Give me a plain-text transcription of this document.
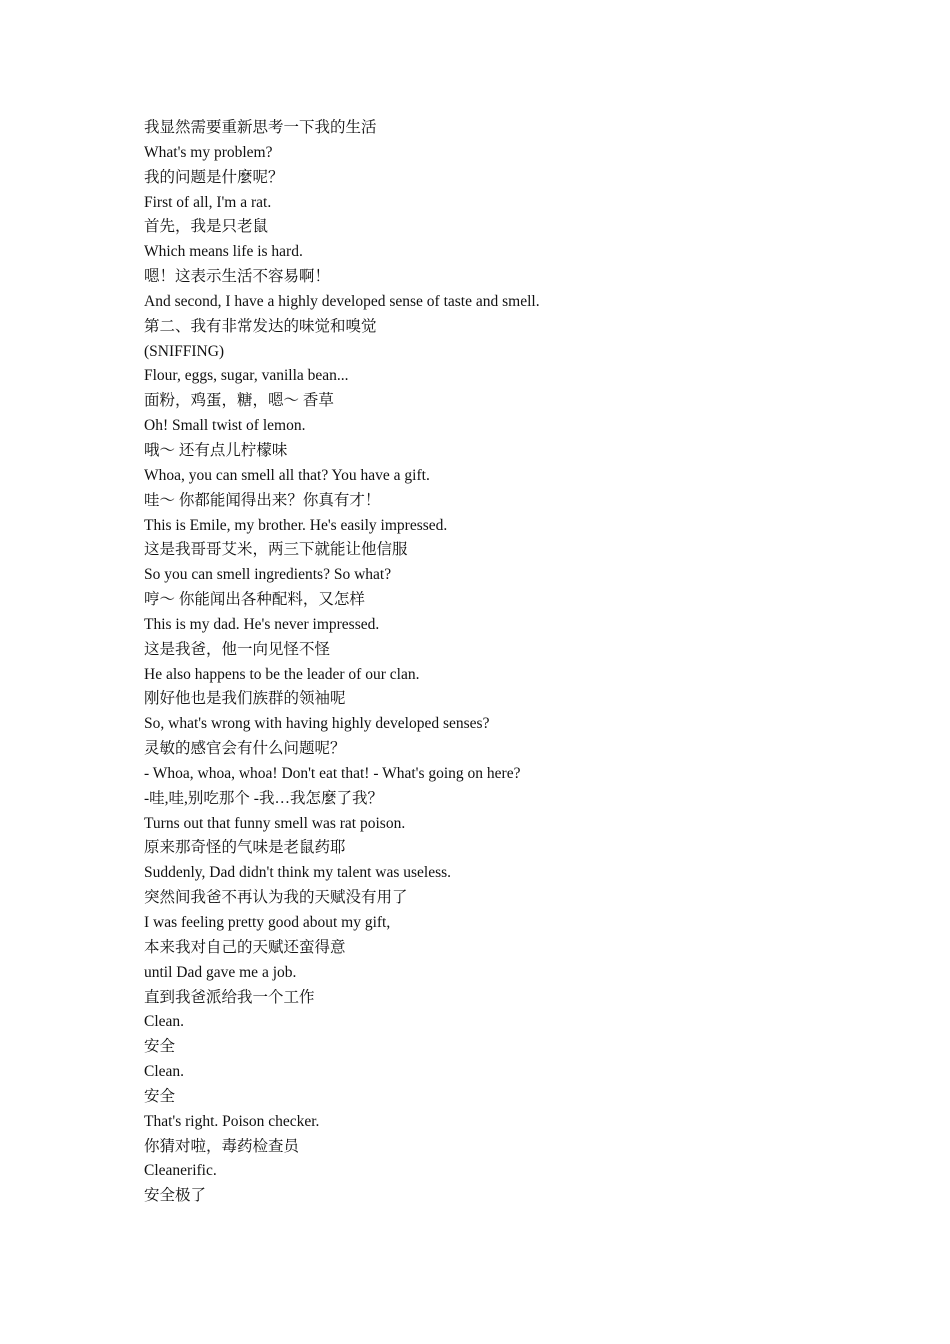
我显然需要重新思考一下我的生活
What's my problem?
我的问题是什麼呢？
First of all, I'm a rat.
首先，我是只老鼠
Which means life is hard.
嗯！这表示生活不容易啊！
And second, I have a highly developed sense of taste and smell.
第二、我有非常发达的味觉和嗅觉
(SNIFFING)
Flour, eggs, sugar, vanilla bean...
面粉，鸡蛋，糖，嗯～ 香草
Oh! Small twist of lemon.
哦～ 还有点儿柠檬味
Whoa, you can smell all that? You have a gift.
哇～ 你都能闻得出来？你真有才！
This is Emile, my brother. He's easily impressed.
这是我哥哥艾米，两三下就能让他信服
So you can smell ingredients? So what?
哼～ 你能闻出各种配料，又怎样
This is my dad. He's never impressed.
这是我爸，他一向见怪不怪
He also happens to be the leader of our clan.
刚好他也是我们族群的领袖呢
So, what's wrong with having highly developed senses?
灵敏的感官会有什么问题呢？
- Whoa, whoa, whoa! Don't eat that! - What's going on here?
-哇,哇,别吃那个 -我…我怎麼了我？
Turns out that funny smell was rat poison.
原来那奇怪的气味是老鼠药耶
Suddenly, Dad didn't think my talent was useless.
突然间我爸不再认为我的天赋没有用了
I was feeling pretty good about my gift,
本来我对自己的天赋还蛮得意
until Dad gave me a job.
直到我爸派给我一个工作
Clean.
安全
Clean.
安全
That's right. Poison checker.
你猜对啦，毒药检查员
Cleanerific.
安全极了
